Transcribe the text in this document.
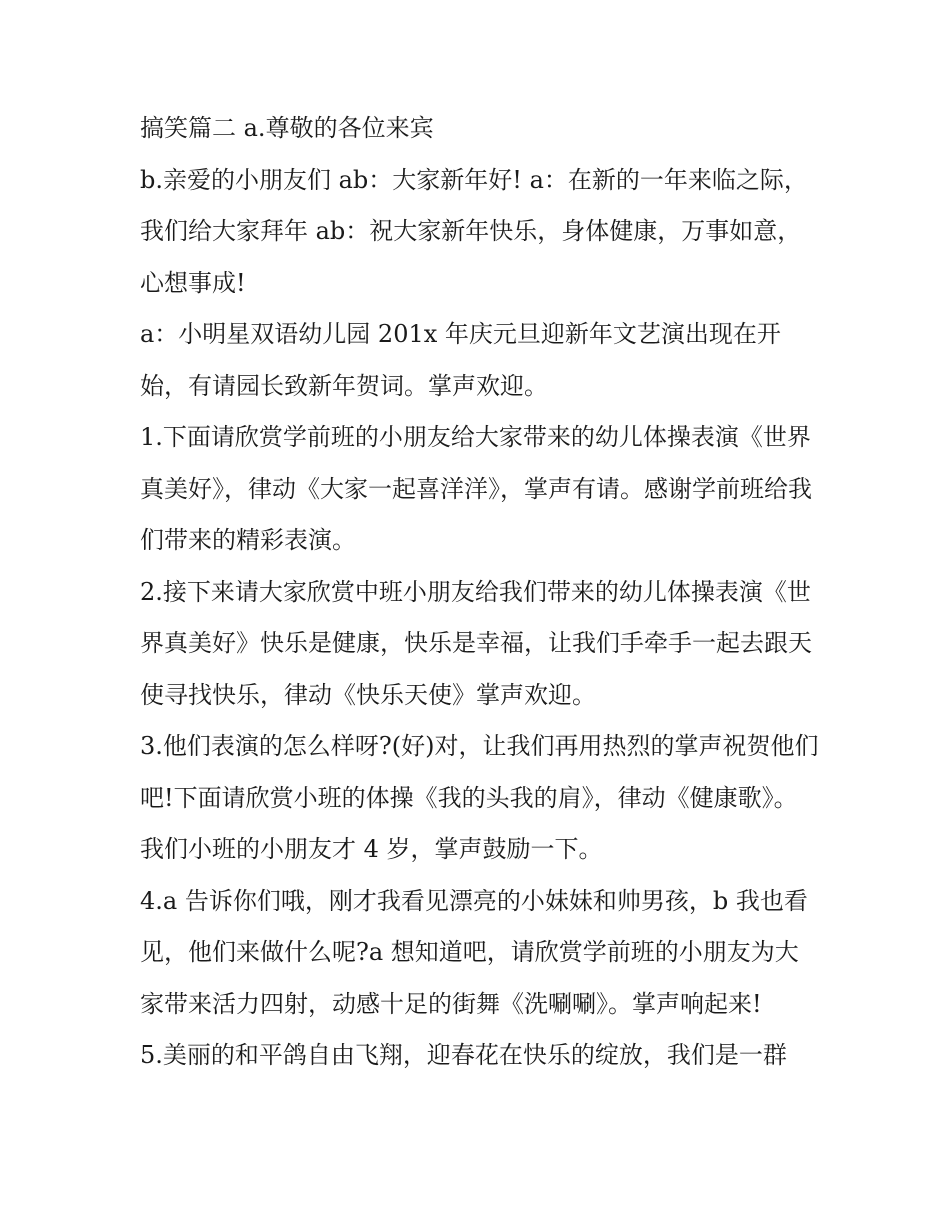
搞笑篇二 a.尊敬的各位来宾

b.亲爱的小朋友们 ab：大家新年好! a：在新的一年来临之际，我们给大家拜年 ab：祝大家新年快乐，身体健康，万事如意，心想事成!

a：小明星双语幼儿园 201x 年庆元旦迎新年文艺演出现在开始，有请园长致新年贺词。掌声欢迎。

1.下面请欣赏学前班的小朋友给大家带来的幼儿体操表演《世界真美好》，律动《大家一起喜洋洋》，掌声有请。感谢学前班给我们带来的精彩表演。

2.接下来请大家欣赏中班小朋友给我们带来的幼儿体操表演《世界真美好》快乐是健康，快乐是幸福，让我们手牵手一起去跟天使寻找快乐，律动《快乐天使》掌声欢迎。

3.他们表演的怎么样呀?(好)对，让我们再用热烈的掌声祝贺他们吧!下面请欣赏小班的体操《我的头我的肩》，律动《健康歌》。我们小班的小朋友才 4 岁，掌声鼓励一下。

4.a 告诉你们哦，刚才我看见漂亮的小妹妹和帅男孩，b 我也看见，他们来做什么呢?a 想知道吧，请欣赏学前班的小朋友为大家带来活力四射，动感十足的街舞《洗唰唰》。掌声响起来!

5.美丽的和平鸽自由飞翔，迎春花在快乐的绽放，我们是一群
